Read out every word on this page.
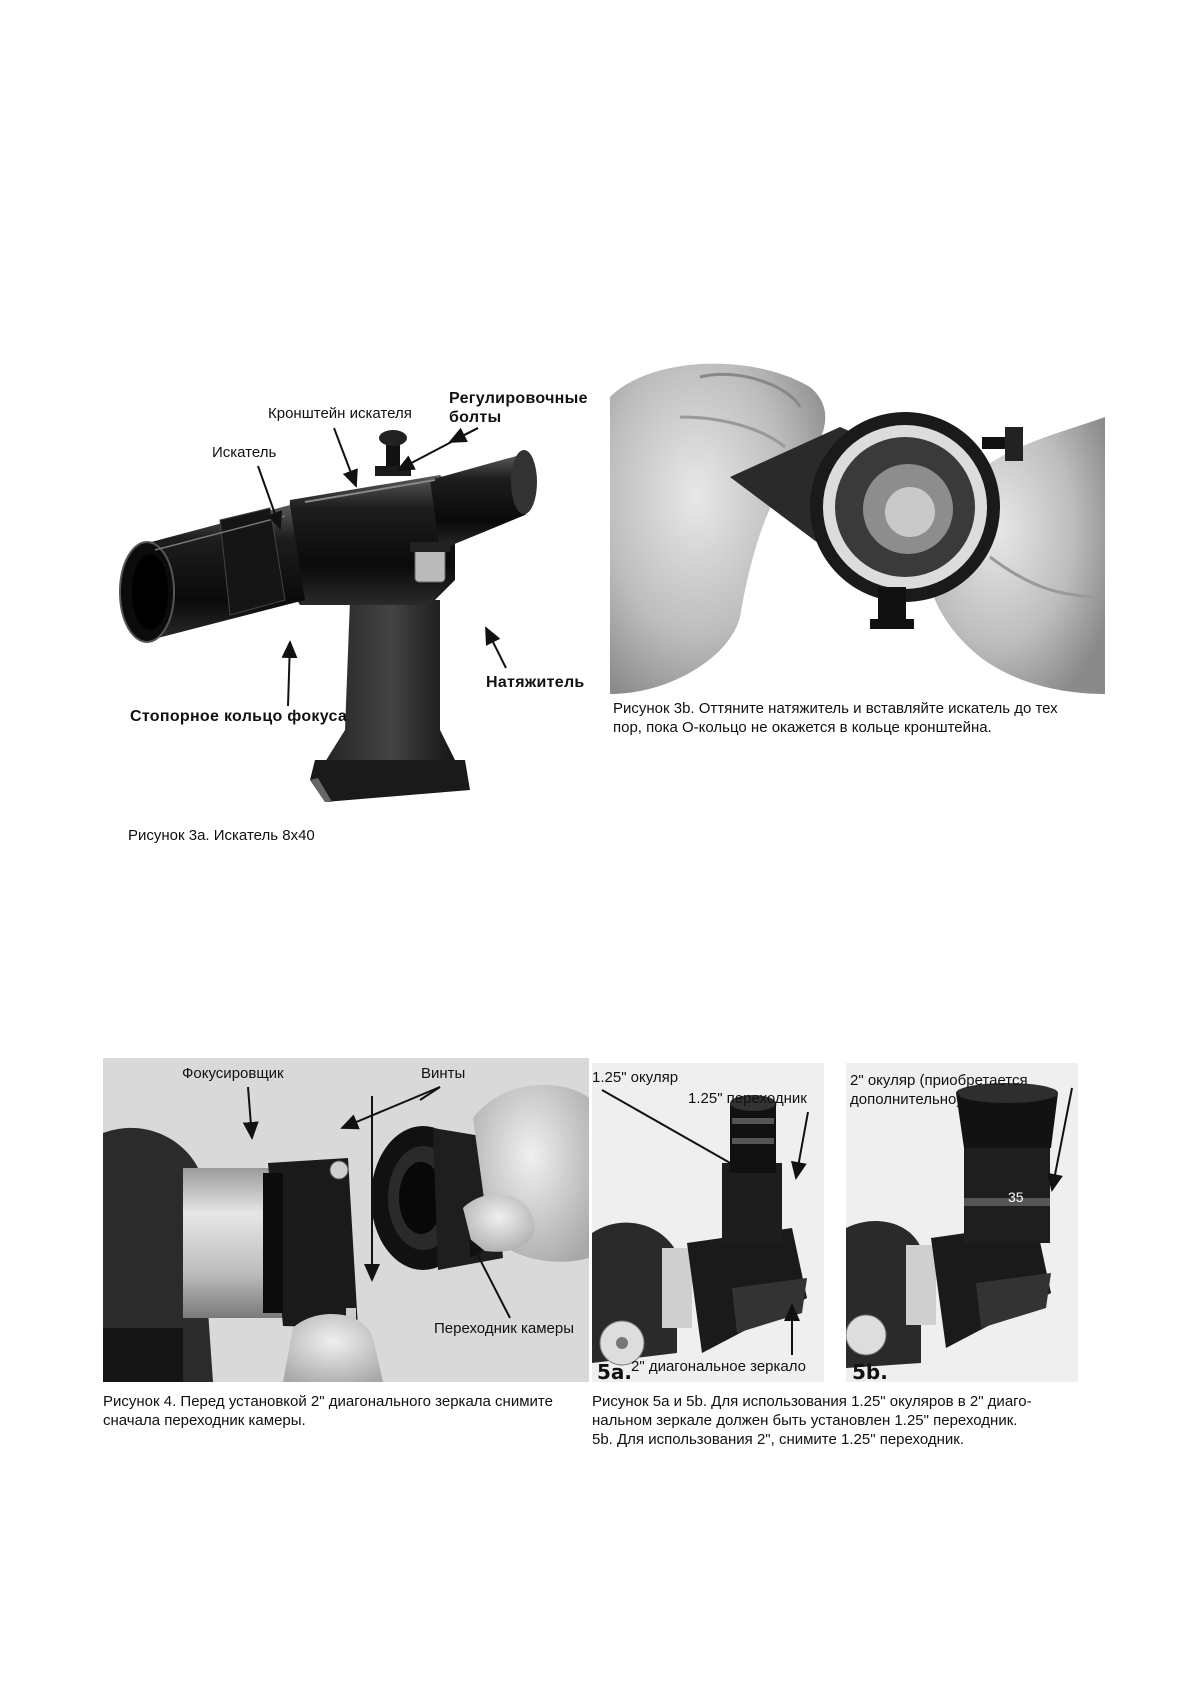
Кронштейн искателя
Регулировочные
болты
Искатель
Натяжитель
Стопорное кольцо фокуса
Рисунок 3a. Искатель 8x40
Рисунок 3b. Оттяните натяжитель и вставляйте искатель до тех
пор, пока O-кольцо не окажется в кольце кронштейна.
Фокусировщик	Винты
Переходник камеры
Рисунок 4. Перед установкой 2" диагонального зеркала снимите
сначала переходник камеры.
1.25" окуляр
1.25" переходник
2" диагональное зеркало
5a.
2" окуляр (приобретается
дополнительно)
35
5b.
Рисунок 5a и 5b. Для использования 1.25" окуляров в 2" диаго-
нальном зеркале должен быть установлен 1.25" переходник.
5b. Для использования 2", снимите 1.25" переходник.
